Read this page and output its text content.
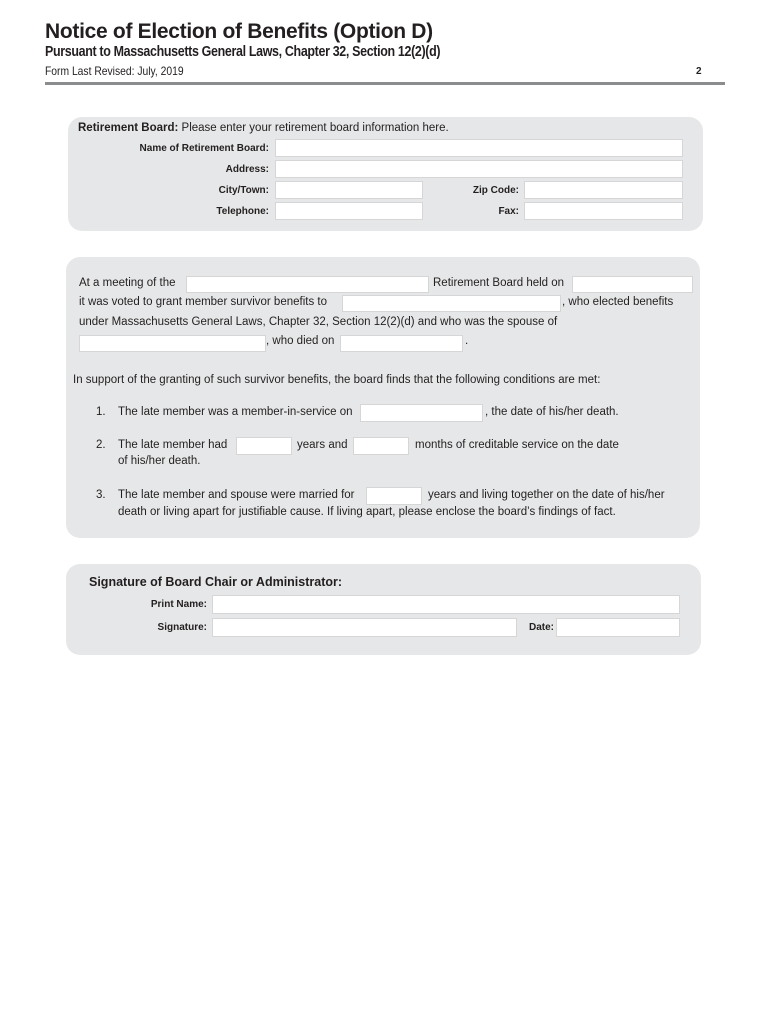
Notice of Election of Benefits (Option D)
Pursuant to Massachusetts General Laws, Chapter 32, Section 12(2)(d)
Form Last Revised: July, 2019	2
Retirement Board: Please enter your retirement board information here.
Name of Retirement Board:
Address:
City/Town:	Zip Code:
Telephone:	Fax:
At a meeting of the	Retirement Board held on
it was voted to grant member survivor benefits to	, who elected benefits
under Massachusetts General Laws, Chapter 32, Section 12(2)(d) and who was the spouse of
, who died on	.
In support of the granting of such survivor benefits, the board finds that the following conditions are met:
1. The late member was a member-in-service on	, the date of his/her death.
2. The late member had	years and	months of creditable service on the date
of his/her death.
3. The late member and spouse were married for	years and living together on the date of his/her
death or living apart for justifiable cause. If living apart, please enclose the board’s findings of fact.
Signature of Board Chair or Administrator:
Print Name:
Signature:	Date:
